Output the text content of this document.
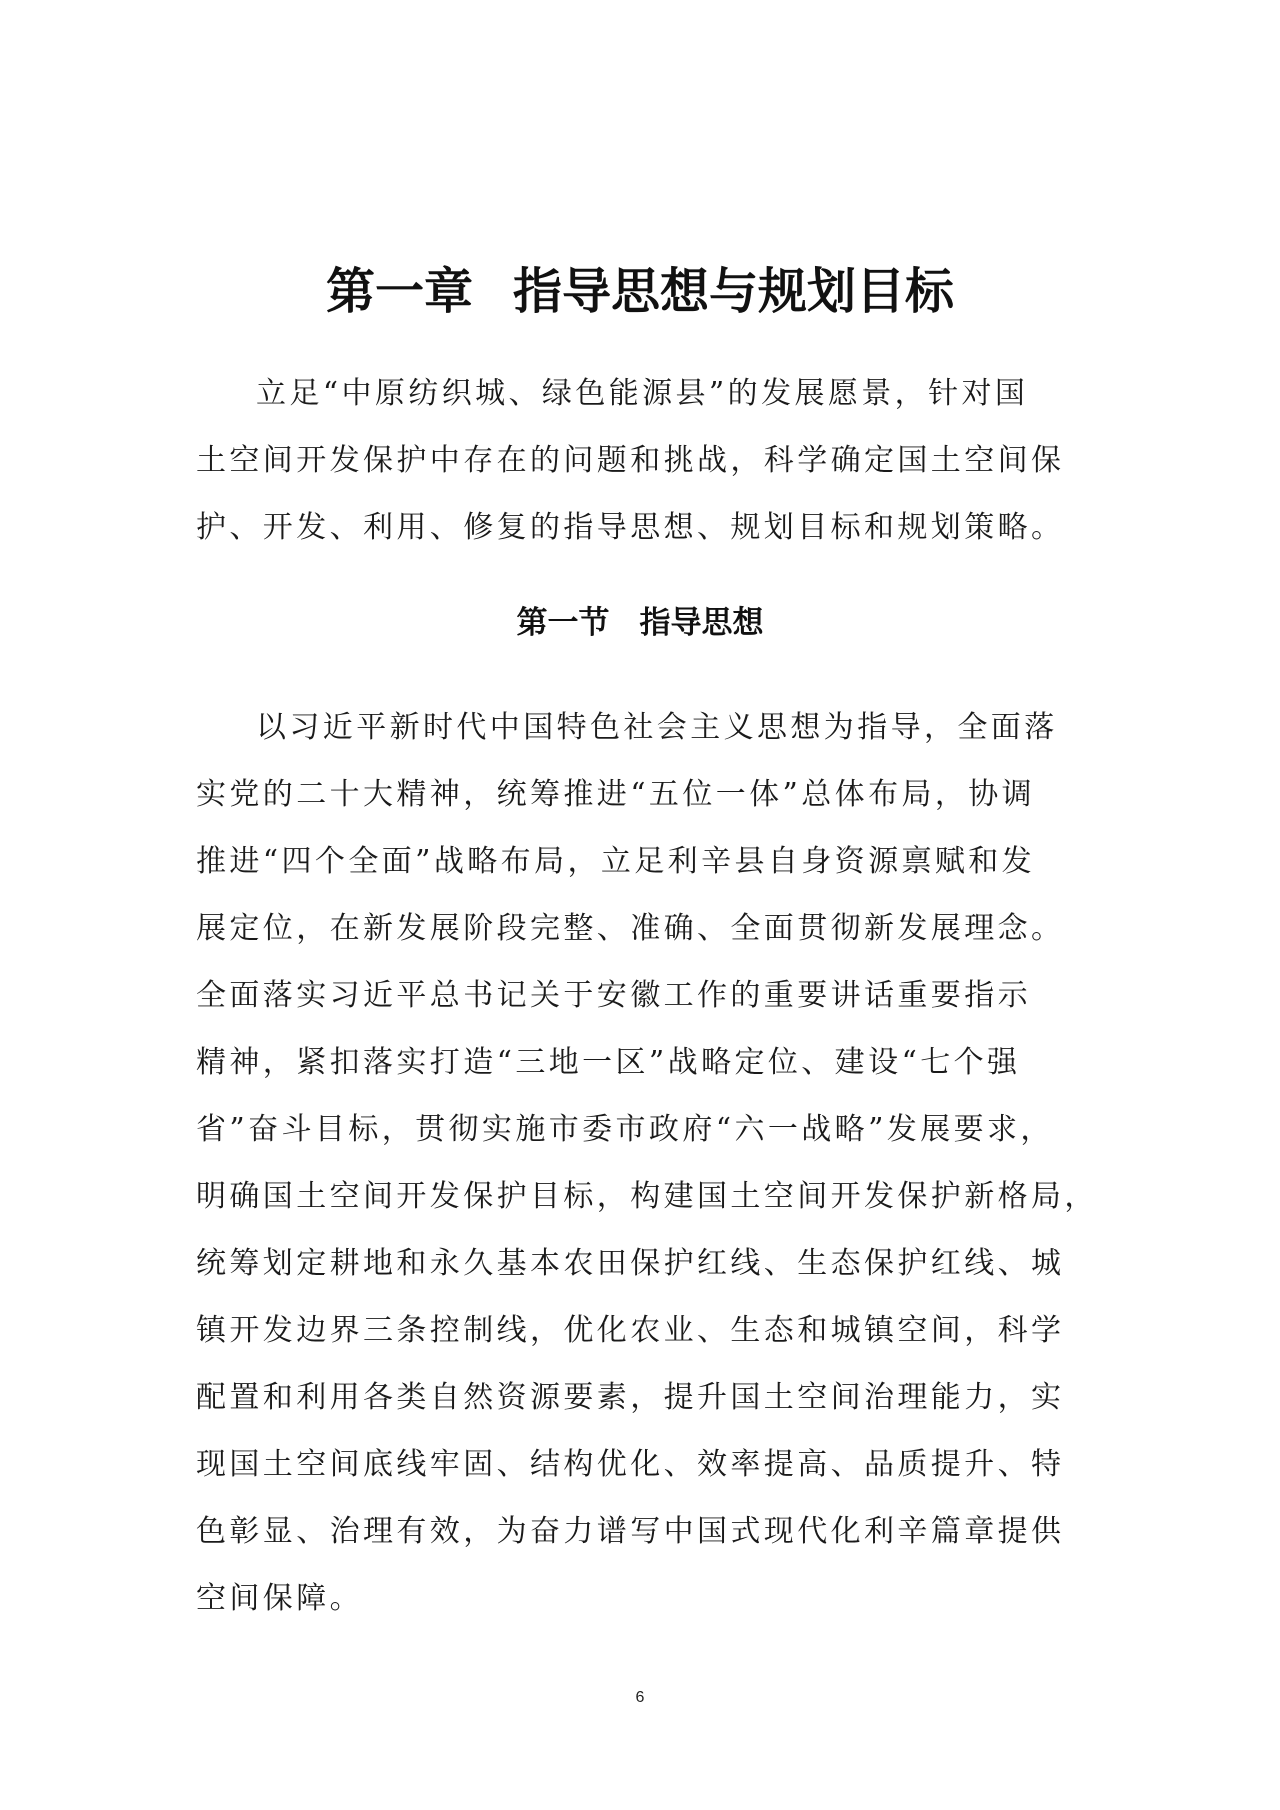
第一章 指导思想与规划目标
立足“中原纺织城、绿色能源县”的发展愿景，针对国
土空间开发保护中存在的问题和挑战，科学确定国土空间保
护、开发、利用、修复的指导思想、规划目标和规划策略。
第一节 指导思想
以习近平新时代中国特色社会主义思想为指导，全面落
实党的二十大精神，统筹推进“五位一体”总体布局，协调
推进“四个全面”战略布局，立足利辛县自身资源禀赋和发
展定位，在新发展阶段完整、准确、全面贯彻新发展理念。
全面落实习近平总书记关于安徽工作的重要讲话重要指示
精神，紧扣落实打造“三地一区”战略定位、建设“七个强
省”奋斗目标，贯彻实施市委市政府“六一战略”发展要求，
明确国土空间开发保护目标，构建国土空间开发保护新格局，
统筹划定耕地和永久基本农田保护红线、生态保护红线、城
镇开发边界三条控制线，优化农业、生态和城镇空间，科学
配置和利用各类自然资源要素，提升国土空间治理能力，实
现国土空间底线牢固、结构优化、效率提高、品质提升、特
色彰显、治理有效，为奋力谱写中国式现代化利辛篇章提供
空间保障。
6
